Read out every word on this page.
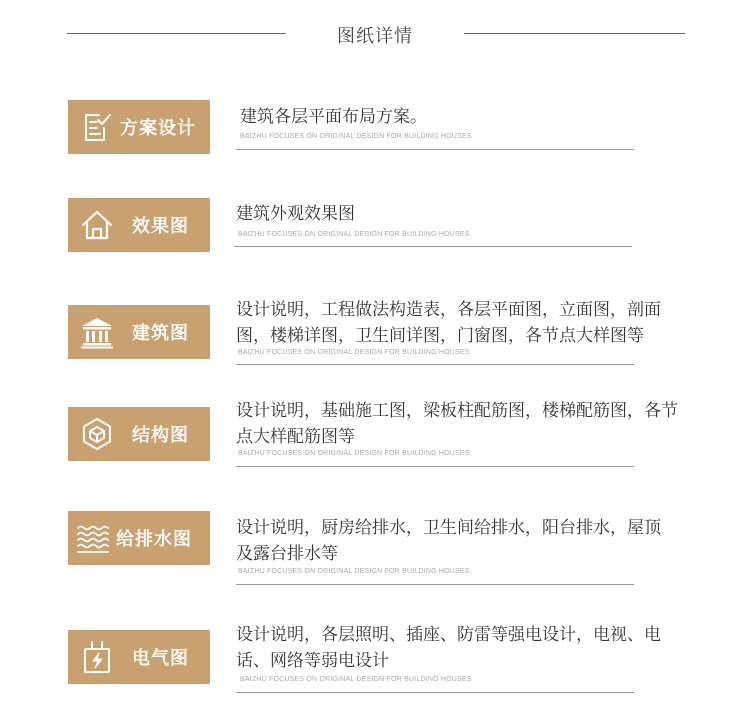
图纸详情
方案设计
建筑各层平面布局方案。
BAIZHU FOCUSES ON ORIGINAL DESIGN FOR BUILDING HOUSES
效果图
建筑外观效果图
BAIZHU FOCUSES ON ORIGINAL DESIGN FOR BUILDING HOUSES
建筑图
设计说明，工程做法构造表，各层平面图，立面图，剖面图，楼梯详图，卫生间详图，门窗图，各节点大样图等
BAIZHU FOCUSES ON ORIGINAL DESIGN FOR BUILDING HOUSES
结构图
设计说明，基础施工图，梁板柱配筋图，楼梯配筋图，各节点大样配筋图等
BAIZHU FOCUSES ON ORIGINAL DESIGN FOR BUILDING HOUSES
给排水图
设计说明，厨房给排水，卫生间给排水，阳台排水，屋顶及露台排水等
BAIZHU FOCUSES ON ORIGINAL DESIGN FOR BUILDING HOUSES
电气图
设计说明，各层照明、插座、防雷等强电设计，电视、电话、网络等弱电设计
BAIZHU FOCUSES ON ORIGINAL DESIGN FOR BUILDING HOUSES
